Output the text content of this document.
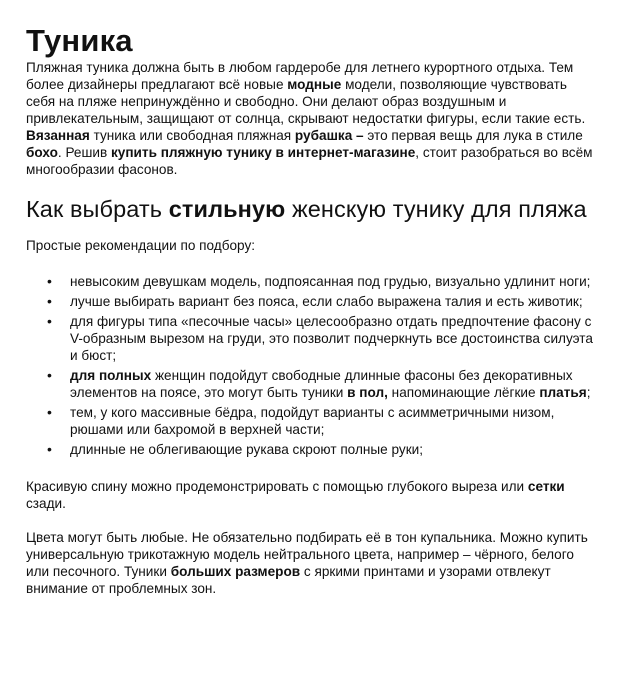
Туника

Пляжная туника должна быть в любом гардеробе для летнего курортного отдыха. Тем более дизайнеры предлагают всё новые модные модели, позволяющие чувствовать себя на пляже непринуждённо и свободно. Они делают образ воздушным и привлекательным, защищают от солнца, скрывают недостатки фигуры, если такие есть. Вязанная туника или свободная пляжная рубашка – это первая вещь для лука в стиле бохо. Решив купить пляжную тунику в интернет-магазине, стоит разобраться во всём многообразии фасонов.

Как выбрать стильную женскую тунику для пляжа

Простые рекомендации по подбору:

• невысоким девушкам модель, подпоясанная под грудью, визуально удлинит ноги;
• лучше выбирать вариант без пояса, если слабо выражена талия и есть животик;
• для фигуры типа «песочные часы» целесообразно отдать предпочтение фасону с V-образным вырезом на груди, это позволит подчеркнуть все достоинства силуэта и бюст;
• для полных женщин подойдут свободные длинные фасоны без декоративных элементов на поясе, это могут быть туники в пол, напоминающие лёгкие платья;
• тем, у кого массивные бёдра, подойдут варианты с асимметричными низом, рюшами или бахромой в верхней части;
• длинные не облегивающие рукава скроют полные руки;

Красивую спину можно продемонстрировать с помощью глубокого выреза или сетки сзади.

Цвета могут быть любые. Не обязательно подбирать её в тон купальника. Можно купить универсальную трикотажную модель нейтрального цвета, например – чёрного, белого или песочного. Туники больших размеров с яркими принтами и узорами отвлекут внимание от проблемных зон.
